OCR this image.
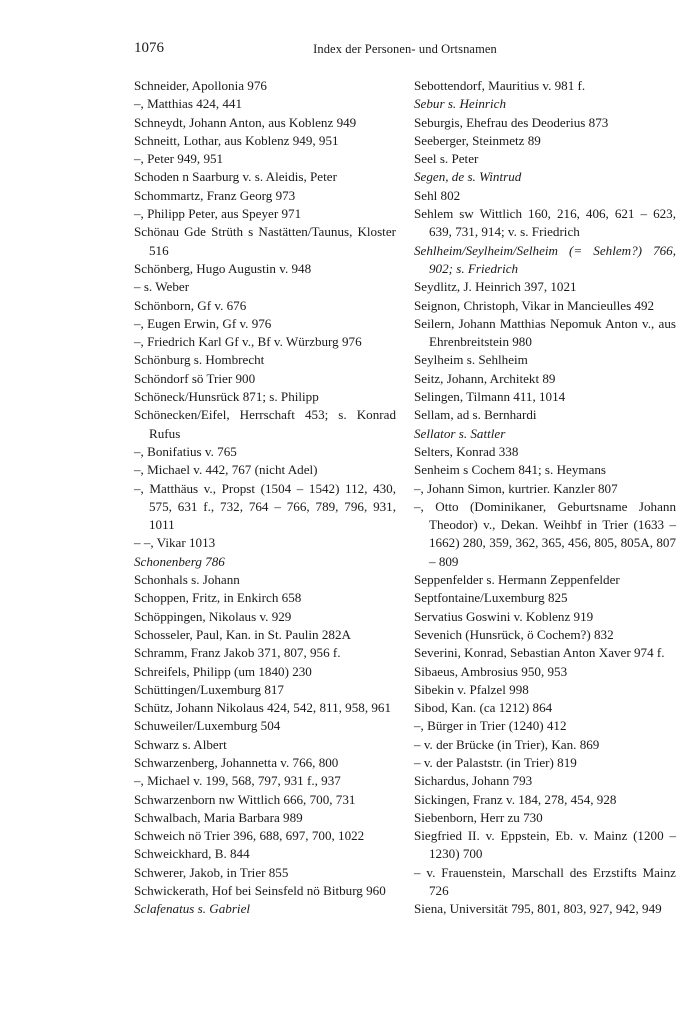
1076	Index der Personen- und Ortsnamen
Schneider, Apollonia 976
–, Matthias 424, 441
Schneydt, Johann Anton, aus Koblenz 949
Schneitt, Lothar, aus Koblenz 949, 951
–, Peter 949, 951
Schoden n Saarburg v. s. Aleidis, Peter
Schommartz, Franz Georg 973
–, Philipp Peter, aus Speyer 971
Schönau Gde Strüth s Nastätten/Taunus, Kloster 516
Schönberg, Hugo Augustin v. 948
– s. Weber
Schönborn, Gf v. 676
–, Eugen Erwin, Gf v. 976
–, Friedrich Karl Gf v., Bf v. Würzburg 976
Schönburg s. Hombrecht
Schöndorf sö Trier 900
Schöneck/Hunsrück 871; s. Philipp
Schönecken/Eifel, Herrschaft 453; s. Konrad Rufus
–, Bonifatius v. 765
–, Michael v. 442, 767 (nicht Adel)
–, Matthäus v., Propst (1504 – 1542) 112, 430, 575, 631 f., 732, 764 – 766, 789, 796, 931, 1011
– –, Vikar 1013
Schonenberg 786
Schonhals s. Johann
Schoppen, Fritz, in Enkirch 658
Schöppingen, Nikolaus v. 929
Schosseler, Paul, Kan. in St. Paulin 282A
Schramm, Franz Jakob 371, 807, 956 f.
Schreifels, Philipp (um 1840) 230
Schüttingen/Luxemburg 817
Schütz, Johann Nikolaus 424, 542, 811, 958, 961
Schuweiler/Luxemburg 504
Schwarz s. Albert
Schwarzenberg, Johannetta v. 766, 800
–, Michael v. 199, 568, 797, 931 f., 937
Schwarzenborn nw Wittlich 666, 700, 731
Schwalbach, Maria Barbara 989
Schweich nö Trier 396, 688, 697, 700, 1022
Schweickhard, B. 844
Schwerer, Jakob, in Trier 855
Schwickerath, Hof bei Seinsfeld nö Bitburg 960
Sclafenatus s. Gabriel
Sebottendorf, Mauritius v. 981 f.
Sebur s. Heinrich
Seburgis, Ehefrau des Deoderius 873
Seeberger, Steinmetz 89
Seel s. Peter
Segen, de s. Wintrud
Sehl 802
Sehlem sw Wittlich 160, 216, 406, 621 – 623, 639, 731, 914; v. s. Friedrich
Sehlheim/Seylheim/Selheim (= Sehlem?) 766, 902; s. Friedrich
Seydlitz, J. Heinrich 397, 1021
Seignon, Christoph, Vikar in Mancieulles 492
Seilern, Johann Matthias Nepomuk Anton v., aus Ehrenbreitstein 980
Seylheim s. Sehlheim
Seitz, Johann, Architekt 89
Selingen, Tilmann 411, 1014
Sellam, ad s. Bernhardi
Sellator s. Sattler
Selters, Konrad 338
Senheim s Cochem 841; s. Heymans
–, Johann Simon, kurtrier. Kanzler 807
–, Otto (Dominikaner, Geburtsname Johann Theodor) v., Dekan. Weihbf in Trier (1633 – 1662) 280, 359, 362, 365, 456, 805, 805A, 807 – 809
Seppenfelder s. Hermann Zeppenfelder
Septfontaine/Luxemburg 825
Servatius Goswini v. Koblenz 919
Sevenich (Hunsrück, ö Cochem?) 832
Severini, Konrad, Sebastian Anton Xaver 974 f.
Sibaeus, Ambrosius 950, 953
Sibekin v. Pfalzel 998
Sibod, Kan. (ca 1212) 864
–, Bürger in Trier (1240) 412
– v. der Brücke (in Trier), Kan. 869
– v. der Palaststr. (in Trier) 819
Sichardus, Johann 793
Sickingen, Franz v. 184, 278, 454, 928
Siebenborn, Herr zu 730
Siegfried II. v. Eppstein, Eb. v. Mainz (1200 – 1230) 700
– v. Frauenstein, Marschall des Erzstifts Mainz 726
Siena, Universität 795, 801, 803, 927, 942, 949
